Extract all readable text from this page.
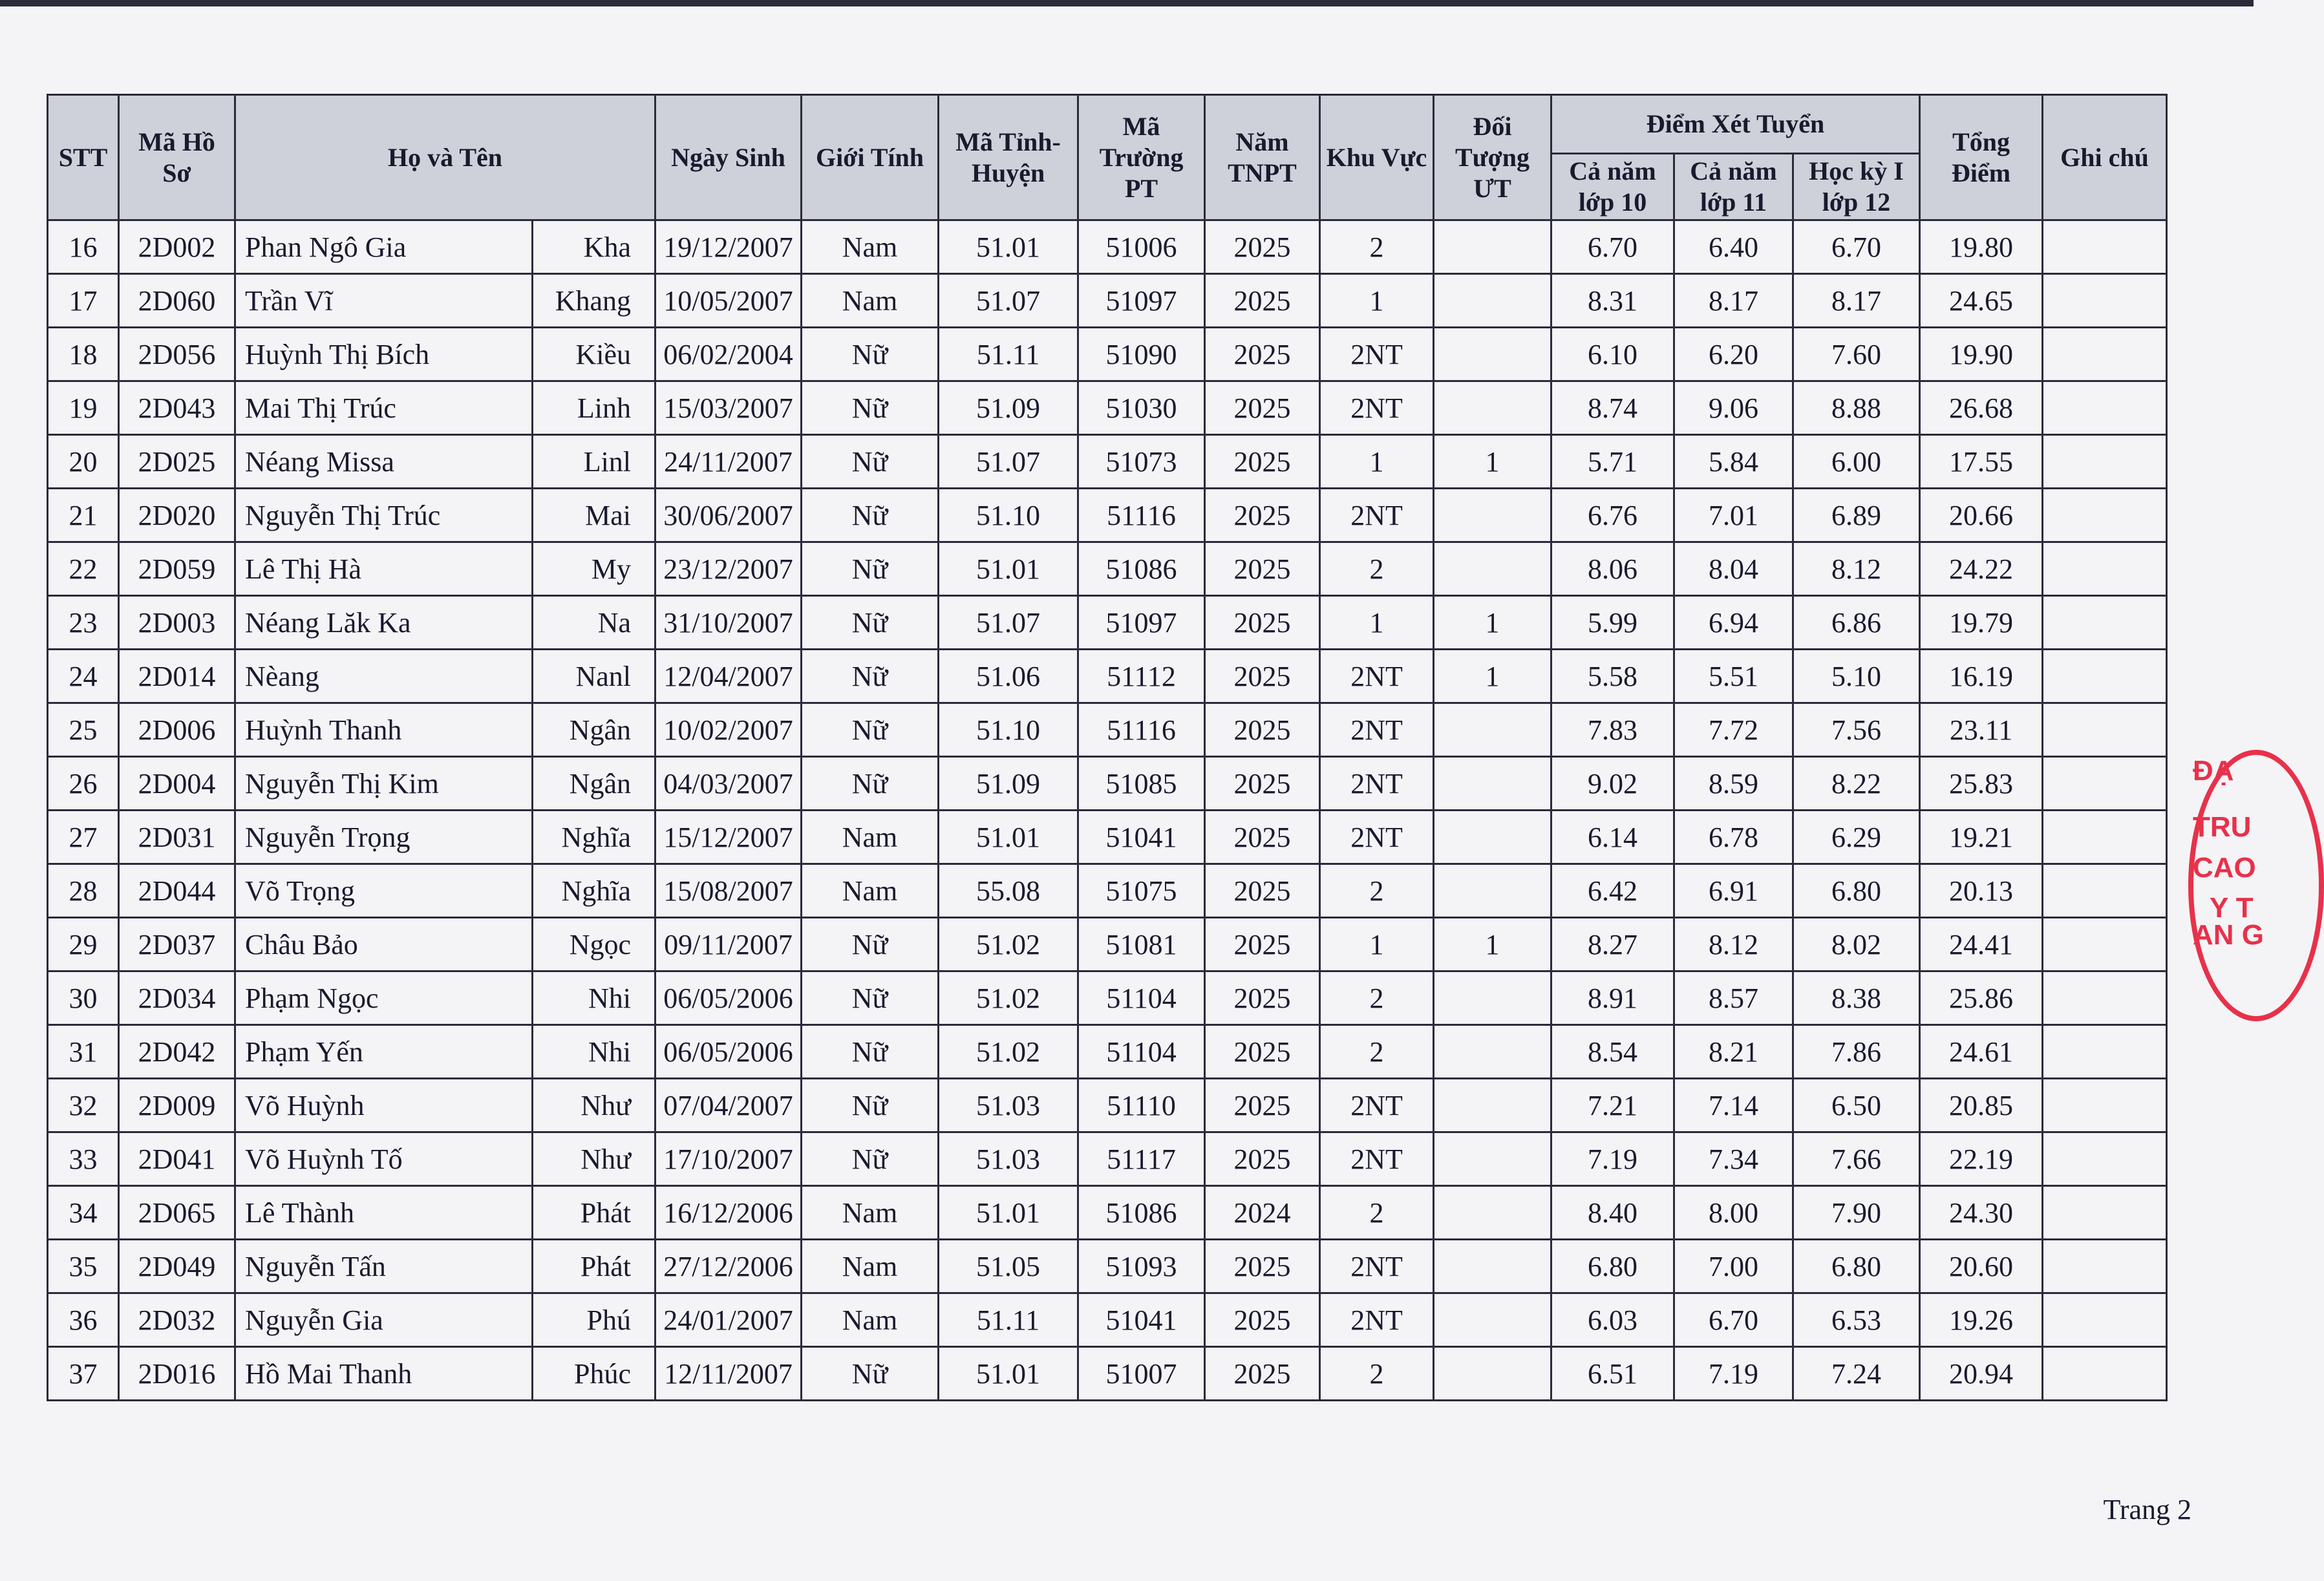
STT	Mã Hồ Sơ	Họ và Tên		Ngày Sinh	Giới Tính	Mã Tỉnh-Huyện	Mã Trường PT	Năm TNPT	Khu Vực	Đối Tượng ƯT	Điểm Xét Tuyển			Tổng Điểm	Ghi chú
											Cả năm lớp 10	Cả năm lớp 11	Học kỳ I lớp 12		
16	2D002	Phan Ngô Gia	Kha	19/12/2007	Nam	51.01	51006	2025	2		6.70	6.40	6.70	19.80	
17	2D060	Trần Vĩ	Khang	10/05/2007	Nam	51.07	51097	2025	1		8.31	8.17	8.17	24.65	
18	2D056	Huỳnh Thị Bích	Kiều	06/02/2004	Nữ	51.11	51090	2025	2NT		6.10	6.20	7.60	19.90	
19	2D043	Mai Thị Trúc	Linh	15/03/2007	Nữ	51.09	51030	2025	2NT		8.74	9.06	8.88	26.68	
20	2D025	Néang Missa	Linl	24/11/2007	Nữ	51.07	51073	2025	1	1	5.71	5.84	6.00	17.55	
21	2D020	Nguyễn Thị Trúc	Mai	30/06/2007	Nữ	51.10	51116	2025	2NT		6.76	7.01	6.89	20.66	
22	2D059	Lê Thị Hà	My	23/12/2007	Nữ	51.01	51086	2025	2		8.06	8.04	8.12	24.22	
23	2D003	Néang Lăk Ka	Na	31/10/2007	Nữ	51.07	51097	2025	1	1	5.99	6.94	6.86	19.79	
24	2D014	Nèang	Nanl	12/04/2007	Nữ	51.06	51112	2025	2NT	1	5.58	5.51	5.10	16.19	
25	2D006	Huỳnh Thanh	Ngân	10/02/2007	Nữ	51.10	51116	2025	2NT		7.83	7.72	7.56	23.11	
26	2D004	Nguyễn Thị Kim	Ngân	04/03/2007	Nữ	51.09	51085	2025	2NT		9.02	8.59	8.22	25.83	
27	2D031	Nguyễn Trọng	Nghĩa	15/12/2007	Nam	51.01	51041	2025	2NT		6.14	6.78	6.29	19.21	
28	2D044	Võ Trọng	Nghĩa	15/08/2007	Nam	55.08	51075	2025	2		6.42	6.91	6.80	20.13	
29	2D037	Châu Bảo	Ngọc	09/11/2007	Nữ	51.02	51081	2025	1	1	8.27	8.12	8.02	24.41	
30	2D034	Phạm Ngọc	Nhi	06/05/2006	Nữ	51.02	51104	2025	2		8.91	8.57	8.38	25.86	
31	2D042	Phạm Yến	Nhi	06/05/2006	Nữ	51.02	51104	2025	2		8.54	8.21	7.86	24.61	
32	2D009	Võ Huỳnh	Như	07/04/2007	Nữ	51.03	51110	2025	2NT		7.21	7.14	6.50	20.85	
33	2D041	Võ Huỳnh Tố	Như	17/10/2007	Nữ	51.03	51117	2025	2NT		7.19	7.34	7.66	22.19	
34	2D065	Lê Thành	Phát	16/12/2006	Nam	51.01	51086	2024	2		8.40	8.00	7.90	24.30	
35	2D049	Nguyễn Tấn	Phát	27/12/2006	Nam	51.05	51093	2025	2NT		6.80	7.00	6.80	20.60	
36	2D032	Nguyễn Gia	Phú	24/01/2007	Nam	51.11	51041	2025	2NT		6.03	6.70	6.53	19.26	
37	2D016	Hồ Mai Thanh	Phúc	12/11/2007	Nữ	51.01	51007	2025	2		6.51	7.19	7.24	20.94	
ĐẠ
TRU
CAO
Y T
AN G
Trang 2
